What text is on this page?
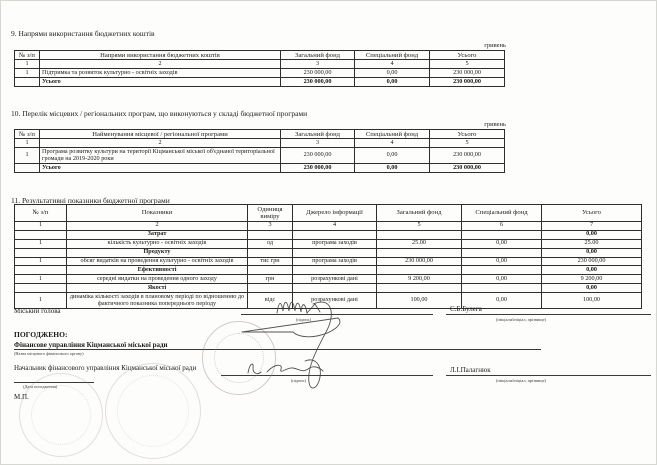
9. Напрями використання бюджетних коштів
гривень
№ з/п	Напрями використання бюджетних коштів	Загальний фонд	Спеціальний фонд	Усього
1	2	3	4	5
1	Підтримка та розвиток культурно - освітніх заходів	230 000,00	0,00	230 000,00
	Усього	230 000,00	0,00	230 000,00
10. Перелік місцевих / регіональних програм, що виконуються у складі бюджетної програми
гривень
№ з/п	Найменування місцевої / регіональної програми	Загальний фонд	Спеціальний фонд	Усього
1	2	3	4	5
1	Програма розвитку культури на території Кіцманської міської об'єднаної територіальної громади на 2019-2020 роки	230 000,00	0,00	230 000,00
	Усього	230 000,00	0,00	230 000,00
11. Результативні показники бюджетної програми
№ з/п	Показники	Одиниця виміру	Джерело інформації	Загальний фонд	Спеціальний фонд	Усього
1	2	3	4	5	6	7
	Затрат					0,00
1	кількість культурно - освітніх заходів	од	програма заходів	25.00	0,00	25.00
	Продукту					0,00
1	обсяг видатків на проведення культурно - освітніх заходів	тис грн	програма заходів	230 000,00	0,00	230 000,00
	Ефективності					0,00
1	середні видатки на проведення одного заходу	грн	розрахункові дані	9 200,00	0,00	9 200,00
	Якості					0,00
1	динаміка кількості заходів в плановому періоді по відношенню до фактичного показника попереднього періоду	відс	розрахункові дані	100,00	0,00	100,00
Міський голова
(підпис)
С.Б.Булега
(ініціали/ініціал, прізвище)
ПОГОДЖЕНО:
Фінансове управління Кіцманської міської ради
(Назва місцевого фінансового органу)
Начальник фінансового управління Кіцманської міської ради
(підпис)
Л.І.Палагнюк
(ініціали/ініціал, прізвище)
(Дата погодження)
М.П.
